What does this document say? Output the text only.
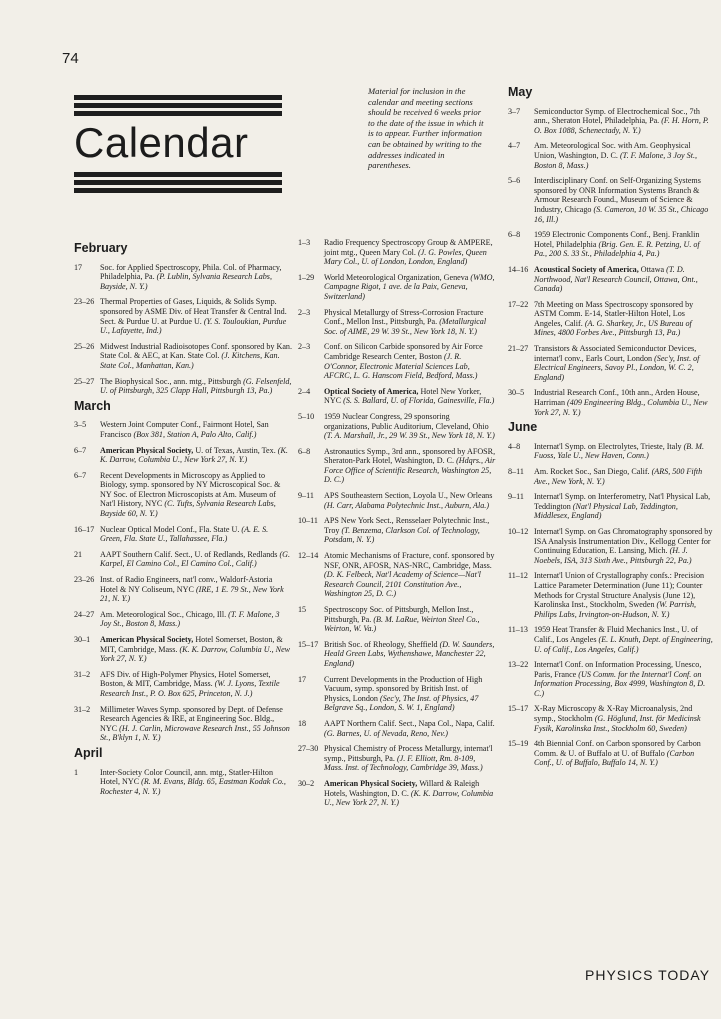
74
Calendar
Material for inclusion in the calendar and meeting sections should be received 6 weeks prior to the date of the issue in which it is to appear. Further information can be obtained by writing to the addresses indicated in parentheses.
February
17	Soc. for Applied Spectroscopy, Phila. Col. of Pharmacy, Philadelphia, Pa. (P. Lublin, Sylvania Research Labs, Bayside, N. Y.)
23–26 Thermal Properties of Gases, Liquids, & Solids Symp. sponsored by ASME Div. of Heat Transfer & Central Ind. Sect. & Purdue U. at Purdue U. (Y. S. Touloukian, Purdue U., Lafayette, Ind.)
25–26 Midwest Industrial Radioisotopes Conf. sponsored by Kan. State Col. & AEC, at Kan. State Col. (J. Kitchens, Kan. State Col., Manhattan, Kan.)
25–27 The Biophysical Soc., ann. mtg., Pittsburgh (G. Felsenfeld, U. of Pittsburgh, 325 Clapp Hall, Pittsburgh 13, Pa.)
March
3–5	Western Joint Computer Conf., Fairmont Hotel, San Francisco (Box 381, Station A, Palo Alto, Calif.)
6–7	American Physical Society, U. of Texas, Austin, Tex. (K. K. Darrow, Columbia U., New York 27, N. Y.)
6–7	Recent Developments in Microscopy as Applied to Biology, symp. sponsored by NY Microscopical Soc. & NY Soc. of Electron Microscopists at Am. Museum of Nat'l History, NYC (C. Tufts, Sylvania Research Labs, Bayside 60, N. Y.)
16–17 Nuclear Optical Model Conf., Fla. State U. (A. E. S. Green, Fla. State U., Tallahassee, Fla.)
21	AAPT Southern Calif. Sect., U. of Redlands, Redlands (G. Karpel, El Camino Col., El Camino Col., Calif.)
23–26 Inst. of Radio Engineers, nat'l conv., Waldorf-Astoria Hotel & NY Coliseum, NYC (IRE, 1 E. 79 St., New York 21, N. Y.)
24–27 Am. Meteorological Soc., Chicago, Ill. (T. F. Malone, 3 Joy St., Boston 8, Mass.)
30–1	American Physical Society, Hotel Somerset, Boston, & MIT, Cambridge, Mass. (K. K. Darrow, Columbia U., New York 27, N. Y.)
31–2	AFS Div. of High-Polymer Physics, Hotel Somerset, Boston, & MIT, Cambridge, Mass. (W. J. Lyons, Textile Research Inst., P. O. Box 625, Princeton, N. J.)
31–2	Millimeter Waves Symp. sponsored by Dept. of Defense Research Agencies & IRE, at Engineering Soc. Bldg., NYC (H. J. Carlin, Microwave Research Inst., 55 Johnson St., B'klyn 1, N. Y.)
April
1	Inter-Society Color Council, ann. mtg., Statler-Hilton Hotel, NYC (R. M. Evans, Bldg. 65, Eastman Kodak Co., Rochester 4, N. Y.)
1–3	Radio Frequency Spectroscopy Group & AMPERE, joint mtg., Queen Mary Col. (J. G. Powles, Queen Mary Col., U. of London, London, England)
1–29	World Meteorological Organization, Geneva (WMO, Campagne Rigot, 1 ave. de la Paix, Geneva, Switzerland)
2–3	Physical Metallurgy of Stress-Corrosion Fracture Conf., Mellon Inst., Pittsburgh, Pa. (Metallurgical Soc. of AIME, 29 W. 39 St., New York 18, N. Y.)
2–3	Conf. on Silicon Carbide sponsored by Air Force Cambridge Research Center, Boston (J. R. O'Connor, Electronic Material Sciences Lab, AFCRC, L. G. Hanscom Field, Bedford, Mass.)
2–4	Optical Society of America, Hotel New Yorker, NYC (S. S. Ballard, U. of Florida, Gainesville, Fla.)
5–10	1959 Nuclear Congress, 29 sponsoring organizations, Public Auditorium, Cleveland, Ohio (T. A. Marshall, Jr., 29 W. 39 St., New York 18, N. Y.)
6–8	Astronautics Symp., 3rd ann., sponsored by AFOSR, Sheraton-Park Hotel, Washington, D. C. (Hdqrs., Air Force Office of Scientific Research, Washington 25, D. C.)
9–11	APS Southeastern Section, Loyola U., New Orleans (H. Carr, Alabama Polytechnic Inst., Auburn, Ala.)
10–11 APS New York Sect., Rensselaer Polytechnic Inst., Troy (T. Benzema, Clarkson Col. of Technology, Potsdam, N. Y.)
12–14 Atomic Mechanisms of Fracture, conf. sponsored by NSF, ONR, AFOSR, NAS-NRC, Cambridge, Mass. (D. K. Felbeck, Nat'l Academy of Science—Nat'l Research Council, 2101 Constitution Ave., Washington 25, D. C.)
15	Spectroscopy Soc. of Pittsburgh, Mellon Inst., Pittsburgh, Pa. (B. M. LaRue, Weirton Steel Co., Weirton, W. Va.)
15–17 British Soc. of Rheology, Sheffield (D. W. Saunders, Heald Green Labs, Wythenshawe, Manchester 22, England)
17	Current Developments in the Production of High Vacuum, symp. sponsored by British Inst. of Physics, London (Sec'y, The Inst. of Physics, 47 Belgrave Sq., London, S. W. 1, England)
18	AAPT Northern Calif. Sect., Napa Col., Napa, Calif. (G. Barnes, U. of Nevada, Reno, Nev.)
27–30 Physical Chemistry of Process Metallurgy, internat'l symp., Pittsburgh, Pa. (J. F. Elliott, Rm. 8-109, Mass. Inst. of Technology, Cambridge 39, Mass.)
30–2	American Physical Society, Willard & Raleigh Hotels, Washington, D. C. (K. K. Darrow, Columbia U., New York 27, N. Y.)
May
3–7	Semiconductor Symp. of Electrochemical Soc., 7th ann., Sheraton Hotel, Philadelphia, Pa. (F. H. Horn, P. O. Box 1088, Schenectady, N. Y.)
4–7	Am. Meteorological Soc. with Am. Geophysical Union, Washington, D. C. (T. F. Malone, 3 Joy St., Boston 8, Mass.)
5–6	Interdisciplinary Conf. on Self-Organizing Systems sponsored by ONR Information Systems Branch & Armour Research Found., Museum of Science & Industry, Chicago (S. Cameron, 10 W. 35 St., Chicago 16, Ill.)
6–8	1959 Electronic Components Conf., Benj. Franklin Hotel, Philadelphia (Brig. Gen. E. R. Petzing, U. of Pa., 200 S. 33 St., Philadelphia 4, Pa.)
14–16 Acoustical Society of America, Ottawa (T. D. Northwood, Nat'l Research Council, Ottawa, Ont., Canada)
17–22 7th Meeting on Mass Spectroscopy sponsored by ASTM Comm. E-14, Statler-Hilton Hotel, Los Angeles, Calif. (A. G. Sharkey, Jr., US Bureau of Mines, 4800 Forbes Ave., Pittsburgh 13, Pa.)
21–27 Transistors & Associated Semiconductor Devices, internat'l conv., Earls Court, London (Sec'y, Inst. of Electrical Engineers, Savoy Pl., London, W. C. 2, England)
30–5	Industrial Research Conf., 10th ann., Arden House, Harriman (409 Engineering Bldg., Columbia U., New York 27, N. Y.)
June
4–8	Internat'l Symp. on Electrolytes, Trieste, Italy (B. M. Fuoss, Yale U., New Haven, Conn.)
8–11	Am. Rocket Soc., San Diego, Calif. (ARS, 500 Fifth Ave., New York, N. Y.)
9–11	Internat'l Symp. on Interferometry, Nat'l Physical Lab, Teddington (Nat'l Physical Lab, Teddington, Middlesex, England)
10–12 Internat'l Symp. on Gas Chromatography sponsored by ISA Analysis Instrumentation Div., Kellogg Center for Continuing Education, E. Lansing, Mich. (H. J. Noebels, ISA, 313 Sixth Ave., Pittsburgh 22, Pa.)
11–12 Internat'l Union of Crystallography confs.: Precision Lattice Parameter Determination (June 11); Counter Methods for Crystal Structure Analysis (June 12), Karolinska Inst., Stockholm, Sweden (W. Parrish, Philips Labs, Irvington-on-Hudson, N. Y.)
11–13 1959 Heat Transfer & Fluid Mechanics Inst., U. of Calif., Los Angeles (E. L. Knuth, Dept. of Engineering, U. of Calif., Los Angeles, Calif.)
13–22 Internat'l Conf. on Information Processing, Unesco, Paris, France (US Comm. for the Internat'l Conf. on Information Processing, Box 4999, Washington 8, D. C.)
15–17 X-Ray Microscopy & X-Ray Microanalysis, 2nd symp., Stockholm (G. Höglund, Inst. för Medicinsk Fysik, Karolinska Inst., Stockholm 60, Sweden)
15–19 4th Biennial Conf. on Carbon sponsored by Carbon Comm. & U. of Buffalo at U. of Buffalo (Carbon Conf., U. of Buffalo, Buffalo 14, N. Y.)
PHYSICS TODAY
